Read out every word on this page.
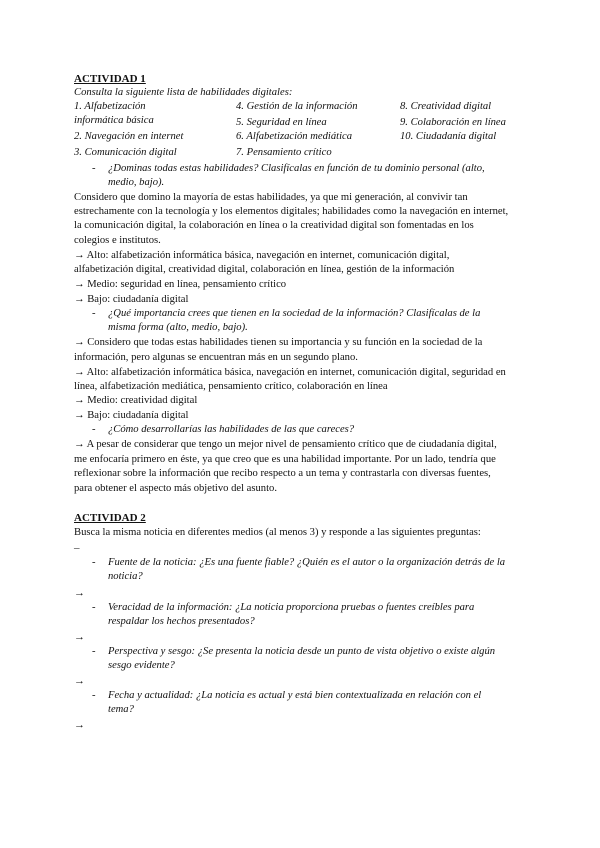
ACTIVIDAD 1
Consulta la siguiente lista de habilidades digitales:
1. Alfabetización
informática básica
2. Navegación en internet
3. Comunicación digital
4. Gestión de la información
5. Seguridad en línea
6. Alfabetización mediática
7. Pensamiento crítico
8. Creatividad digital
9. Colaboración en línea
10. Ciudadanía digital
- ¿Dominas todas estas habilidades? Clasifícalas en función de tu dominio personal (alto,
medio, bajo).
Considero que domino la mayoría de estas habilidades, ya que mi generación, al convivir tan
estrechamente con la tecnología y los elementos digitales; habilidades como la navegación en internet,
la comunicación digital, la colaboración en línea o la creatividad digital son fomentadas en los
colegios e institutos.
→ Alto: alfabetización informática básica, navegación en internet, comunicación digital,
alfabetización digital, creatividad digital, colaboración en línea, gestión de la información
→ Medio: seguridad en línea, pensamiento crítico
→ Bajo: ciudadanía digital
- ¿Qué importancia crees que tienen en la sociedad de la información? Clasifícalas de la
misma forma (alto, medio, bajo).
→ Considero que todas estas habilidades tienen su importancia y su función en la sociedad de la
información, pero algunas se encuentran más en un segundo plano.
→ Alto: alfabetización informática básica, navegación en internet, comunicación digital, seguridad en
línea, alfabetización mediática, pensamiento crítico, colaboración en línea
→ Medio: creatividad digital
→ Bajo: ciudadanía digital
- ¿Cómo desarrollarías las habilidades de las que careces?
→ A pesar de considerar que tengo un mejor nivel de pensamiento crítico que de ciudadanía digital,
me enfocaría primero en éste, ya que creo que es una habilidad importante. Por un lado, tendría que
reflexionar sobre la información que recibo respecto a un tema y contrastarla con diversas fuentes,
para obtener el aspecto más objetivo del asunto.
ACTIVIDAD 2
Busca la misma noticia en diferentes medios (al menos 3) y responde a las siguientes preguntas:
–
- Fuente de la noticia: ¿Es una fuente fiable? ¿Quién es el autor o la organización detrás de la
noticia?
→
- Veracidad de la información: ¿La noticia proporciona pruebas o fuentes creíbles para
respaldar los hechos presentados?
→
- Perspectiva y sesgo: ¿Se presenta la noticia desde un punto de vista objetivo o existe algún
sesgo evidente?
→
- Fecha y actualidad: ¿La noticia es actual y está bien contextualizada en relación con el
tema?
→
